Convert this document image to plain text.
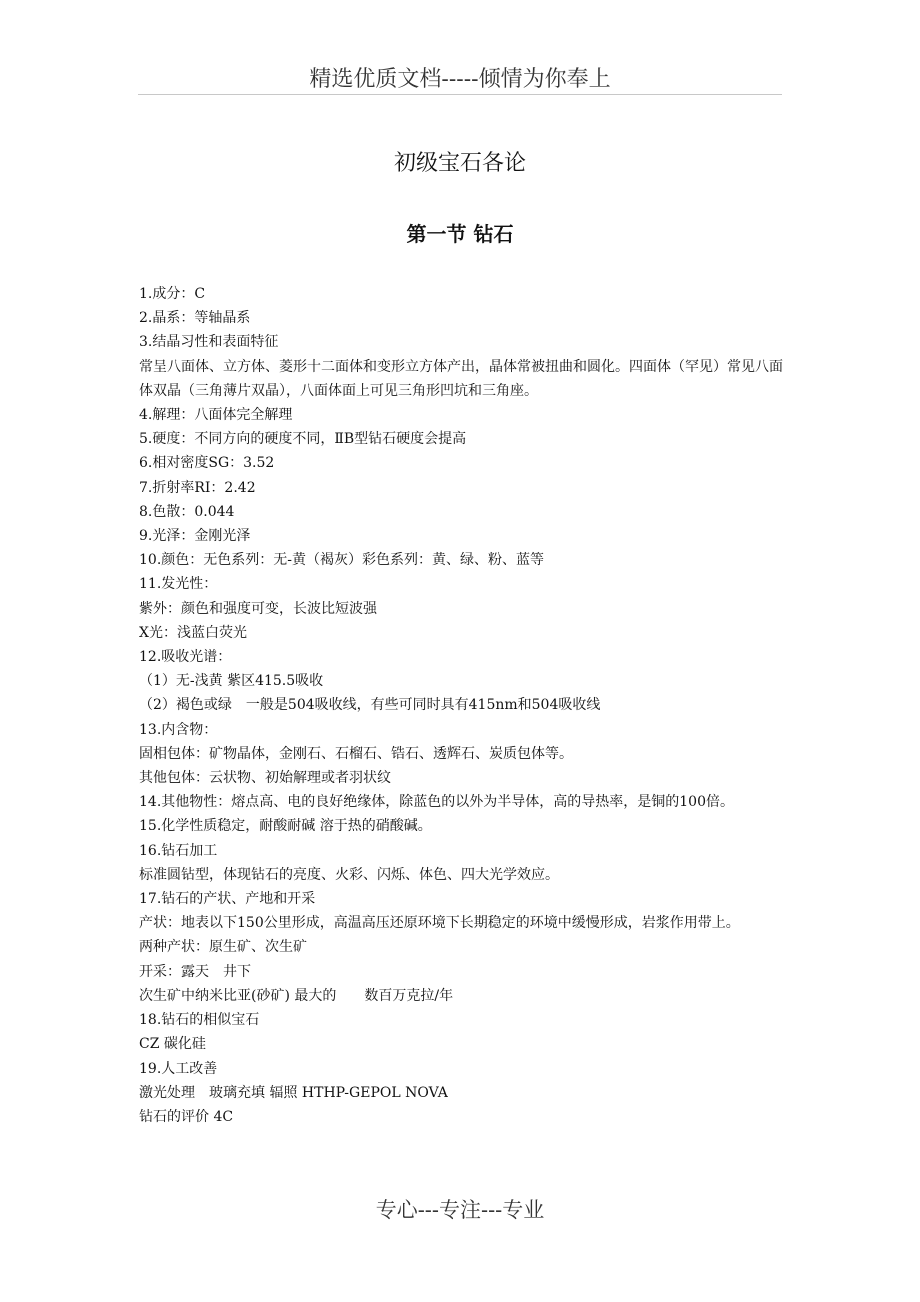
精选优质文档-----倾情为你奉上
初级宝石各论
第一节 钻石

1.成分：C

2.晶系：等轴晶系

3.结晶习性和表面特征

常呈八面体、立方体、菱形十二面体和变形立方体产出，晶体常被扭曲和圆化。四面体（罕见）常见八面体双晶（三角薄片双晶），八面体面上可见三角形凹坑和三角座。

4.解理：八面体完全解理

5.硬度：不同方向的硬度不同，ⅡB型钻石硬度会提高

6.相对密度SG：3.52

7.折射率RI：2.42

8.色散：0.044

9.光泽：金刚光泽

10.颜色：无色系列：无-黄（褐灰）彩色系列：黄、绿、粉、蓝等

11.发光性：

紫外：颜色和强度可变，长波比短波强

X光：浅蓝白荧光

12.吸收光谱：

（1）无-浅黄 紫区415.5吸收

（2）褐色或绿　一般是504吸收线，有些可同时具有415nm和504吸收线

13.内含物：

固相包体：矿物晶体，金刚石、石榴石、锆石、透辉石、炭质包体等。

其他包体：云状物、初始解理或者羽状纹

14.其他物性：熔点高、电的良好绝缘体，除蓝色的以外为半导体，高的导热率，是铜的100倍。

15.化学性质稳定，耐酸耐碱 溶于热的硝酸碱。

16.钻石加工

标准圆钻型，体现钻石的亮度、火彩、闪烁、体色、四大光学效应。

17.钻石的产状、产地和开采

产状：地表以下150公里形成，高温高压还原环境下长期稳定的环境中缓慢形成，岩浆作用带上。

两种产状：原生矿、次生矿

开采：露天　井下

次生矿中纳米比亚(砂矿) 最大的　　数百万克拉/年

18.钻石的相似宝石

CZ 碳化硅

19.人工改善

激光处理　玻璃充填 辐照 HTHP-GEPOL NOVA

钻石的评价 4C

专心---专注---专业
